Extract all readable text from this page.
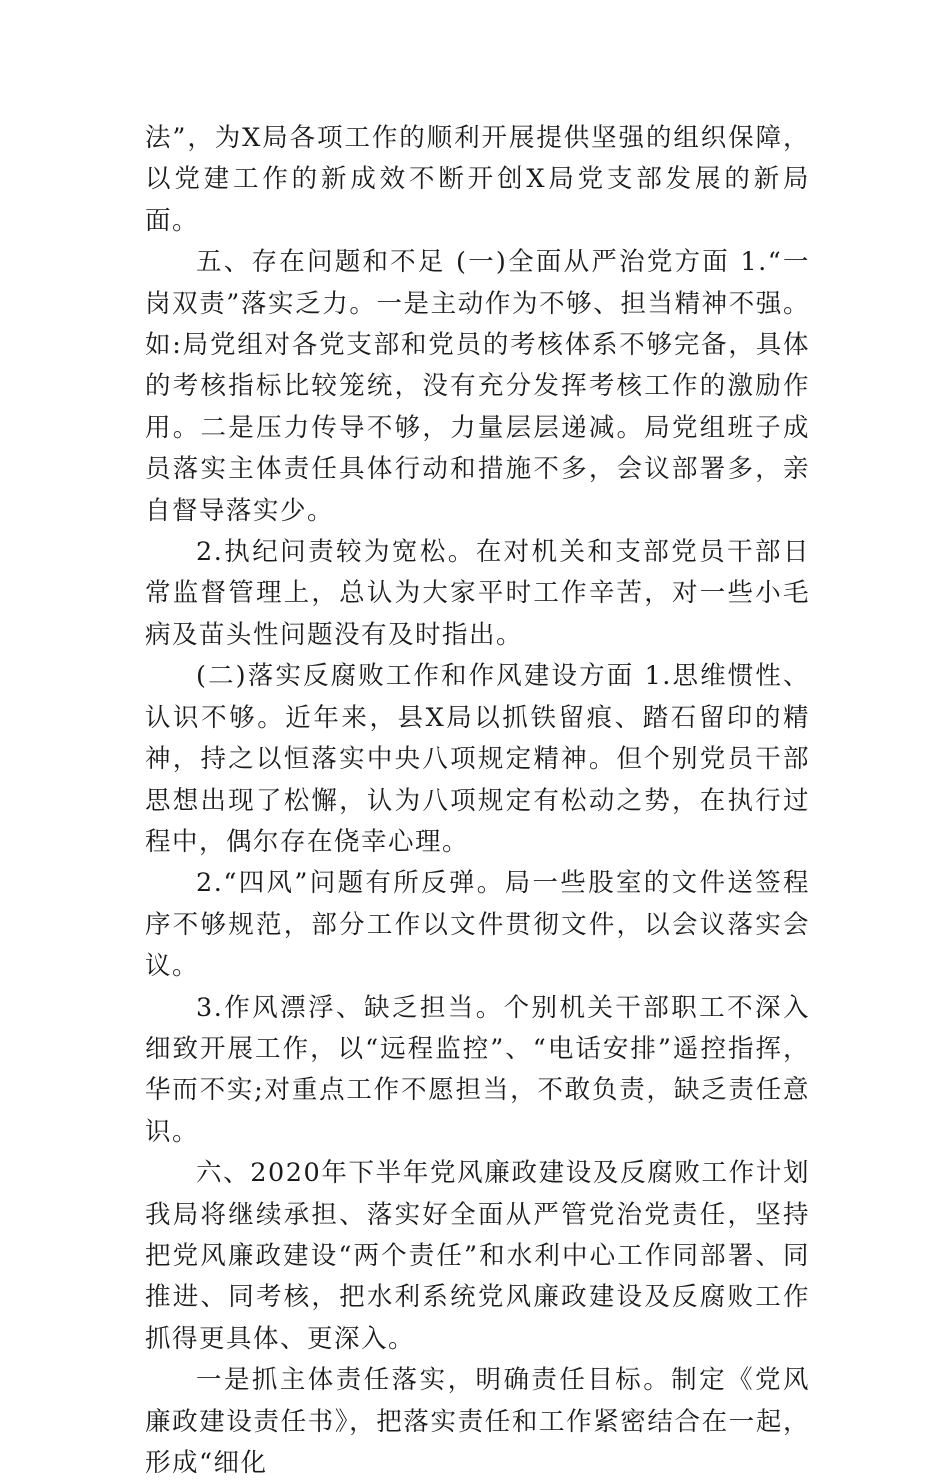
法”，为X局各项工作的顺利开展提供坚强的组织保障，以党建工作的新成效不断开创X局党支部发展的新局面。

五、存在问题和不足 (一)全面从严治党方面 1.“一岗双责”落实乏力。一是主动作为不够、担当精神不强。如:局党组对各党支部和党员的考核体系不够完备，具体的考核指标比较笼统，没有充分发挥考核工作的激励作用。二是压力传导不够，力量层层递减。局党组班子成员落实主体责任具体行动和措施不多，会议部署多，亲自督导落实少。

2.执纪问责较为宽松。在对机关和支部党员干部日常监督管理上，总认为大家平时工作辛苦，对一些小毛病及苗头性问题没有及时指出。

(二)落实反腐败工作和作风建设方面 1.思维惯性、认识不够。近年来，县X局以抓铁留痕、踏石留印的精神，持之以恒落实中央八项规定精神。但个别党员干部思想出现了松懈，认为八项规定有松动之势，在执行过程中，偶尔存在侥幸心理。

2.“四风”问题有所反弹。局一些股室的文件送签程序不够规范，部分工作以文件贯彻文件，以会议落实会议。

3.作风漂浮、缺乏担当。个别机关干部职工不深入细致开展工作，以“远程监控”、“电话安排”遥控指挥，华而不实;对重点工作不愿担当，不敢负责，缺乏责任意识。

六、2020年下半年党风廉政建设及反腐败工作计划 我局将继续承担、落实好全面从严管党治党责任，坚持把党风廉政建设“两个责任”和水利中心工作同部署、同推进、同考核，把水利系统党风廉政建设及反腐败工作抓得更具体、更深入。

一是抓主体责任落实，明确责任目标。制定《党风廉政建设责任书》，把落实责任和工作紧密结合在一起，形成“细化
